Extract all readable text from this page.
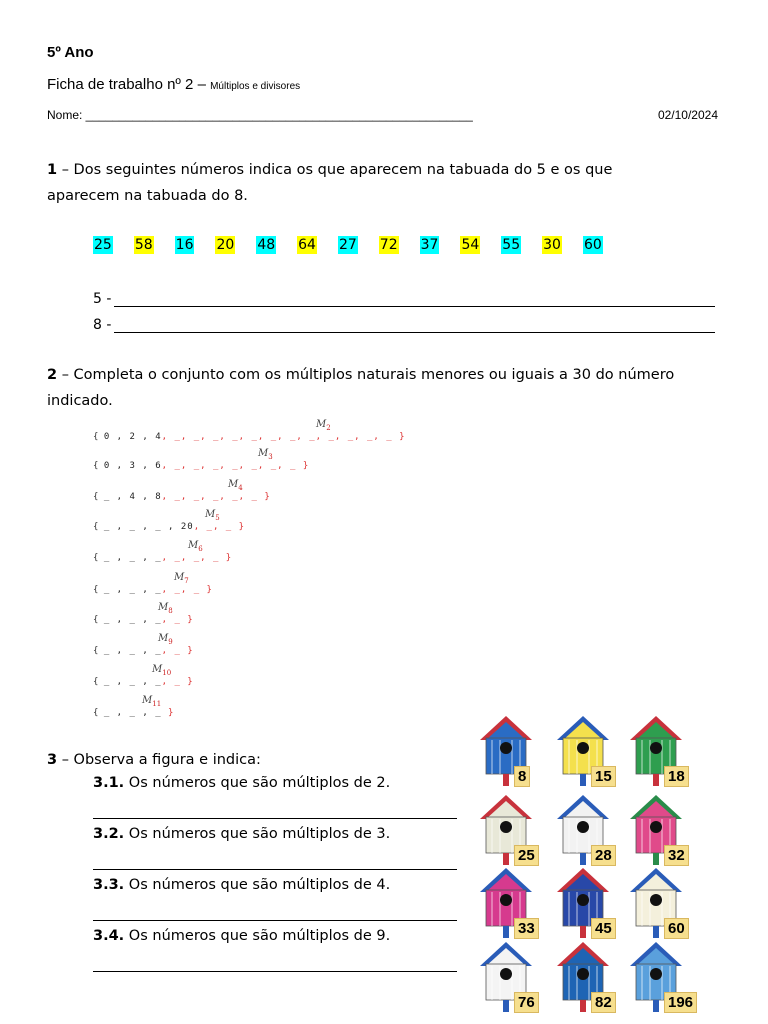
5º Ano
Ficha de trabalho nº 2 – Múltiplos e divisores
Nome: __________________________________________________________	02/10/2024
1 – Dos seguintes números indica os que aparecem na tabuada do 5 e os que
aparecem na tabuada do 8.
25 58 16 20 48 64 27 72 37 54 55 30 60
5 -
8 -
2 – Completa o conjunto com os múltiplos naturais menores ou iguais a 30 do número
indicado.
$M_2$
{ 0 , 2 , 4, _, _, _, _, _, _, _, _, _, _, _, _ }
$M_3$
{ 0 , 3 , 6, _, _, _, _, _, _, _ }
$M_4$
{ _ , 4 , 8, _, _, _, _, _ }
$M_5$
{ _ , _ , _ , 20, _, _ }
$M_6$
{ _ , _ , _, _, _, _ }
$M_7$
{ _ , _ , _, _, _ }
$M_8$
{ _ , _ , _, _ }
$M_9$
{ _ , _ , _, _ }
$M_{10}$
{ _ , _ , _, _ }
$M_{11}$
{ _ , _ , _ }
3 – Observa a figura e indica:
3.1. Os números que são múltiplos de 2.
3.2. Os números que são múltiplos de 3.
3.3. Os números que são múltiplos de 4.
3.4. Os números que são múltiplos de 9.
8	15	18
25	28	32
33	45	60
76	82	196
